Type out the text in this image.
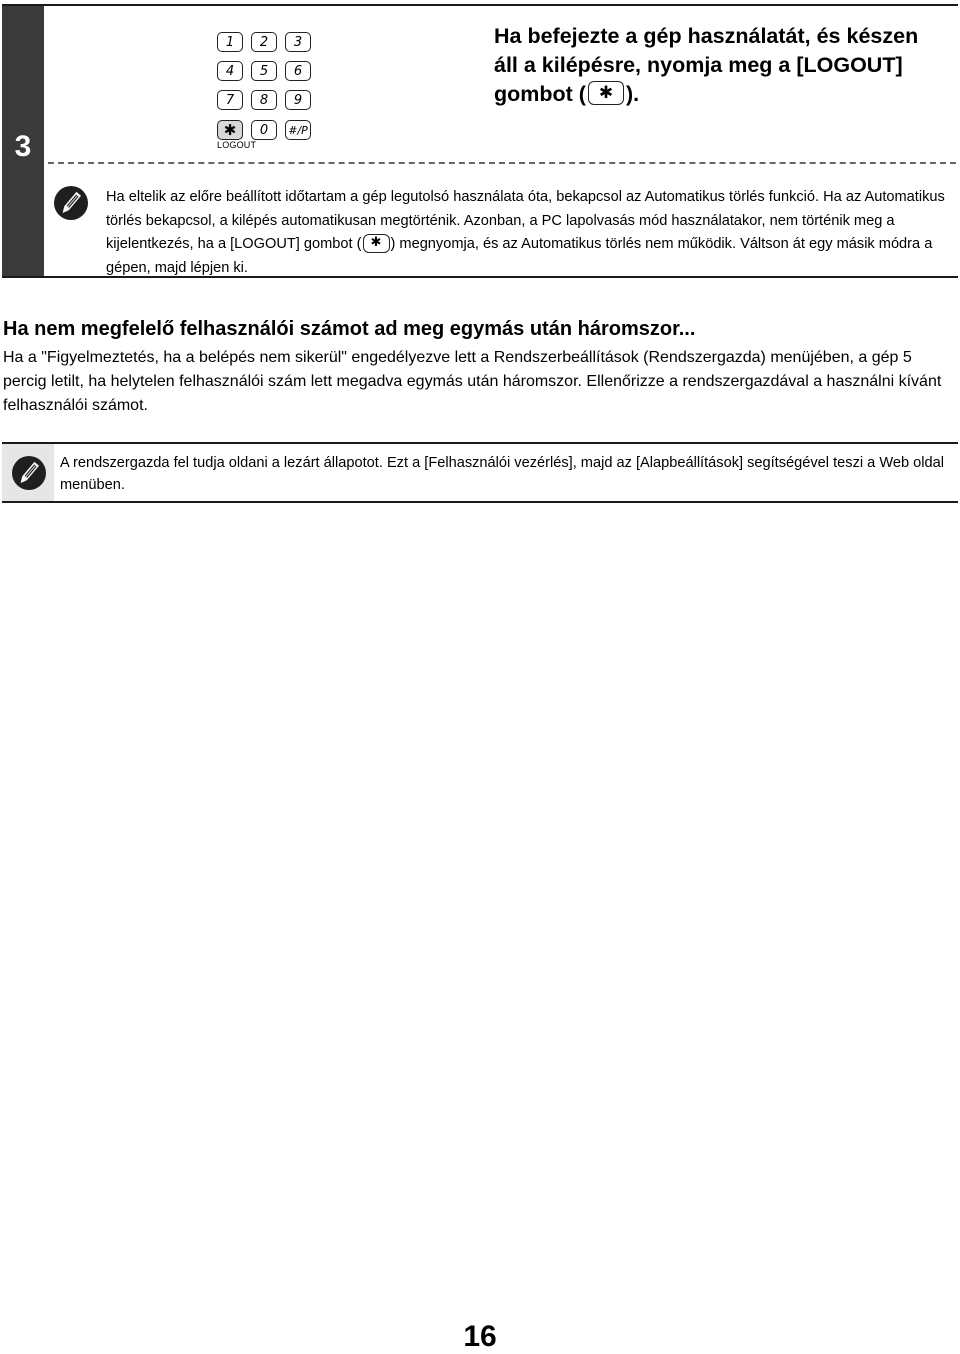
3
1	2	3
4	5	6
7	8	9
✱	0	#/P
LOGOUT
Ha befejezte a gép használatát, és készen áll a kilépésre, nyomja meg a [LOGOUT] gombot ( ✱ ).
Ha eltelik az előre beállított időtartam a gép legutolsó használata óta, bekapcsol az Automatikus törlés funkció. Ha az Automatikus törlés bekapcsol, a kilépés automatikusan megtörténik. Azonban, a PC lapolvasás mód használatakor, nem történik meg a kijelentkezés, ha a [LOGOUT] gombot ( ✱ ) megnyomja, és az Automatikus törlés nem működik. Váltson át egy másik módra a gépen, majd lépjen ki.
Ha nem megfelelő felhasználói számot ad meg egymás után háromszor...
Ha a "Figyelmeztetés, ha a belépés nem sikerül" engedélyezve lett a Rendszerbeállítások (Rendszergazda) menüjében, a gép 5 percig letilt, ha helytelen felhasználói szám lett megadva egymás után háromszor. Ellenőrizze a rendszergazdával a használni kívánt felhasználói számot.
A rendszergazda fel tudja oldani a lezárt állapotot. Ezt a [Felhasználói vezérlés], majd az [Alapbeállítások] segítségével teszi a Web oldal menüben.
16
